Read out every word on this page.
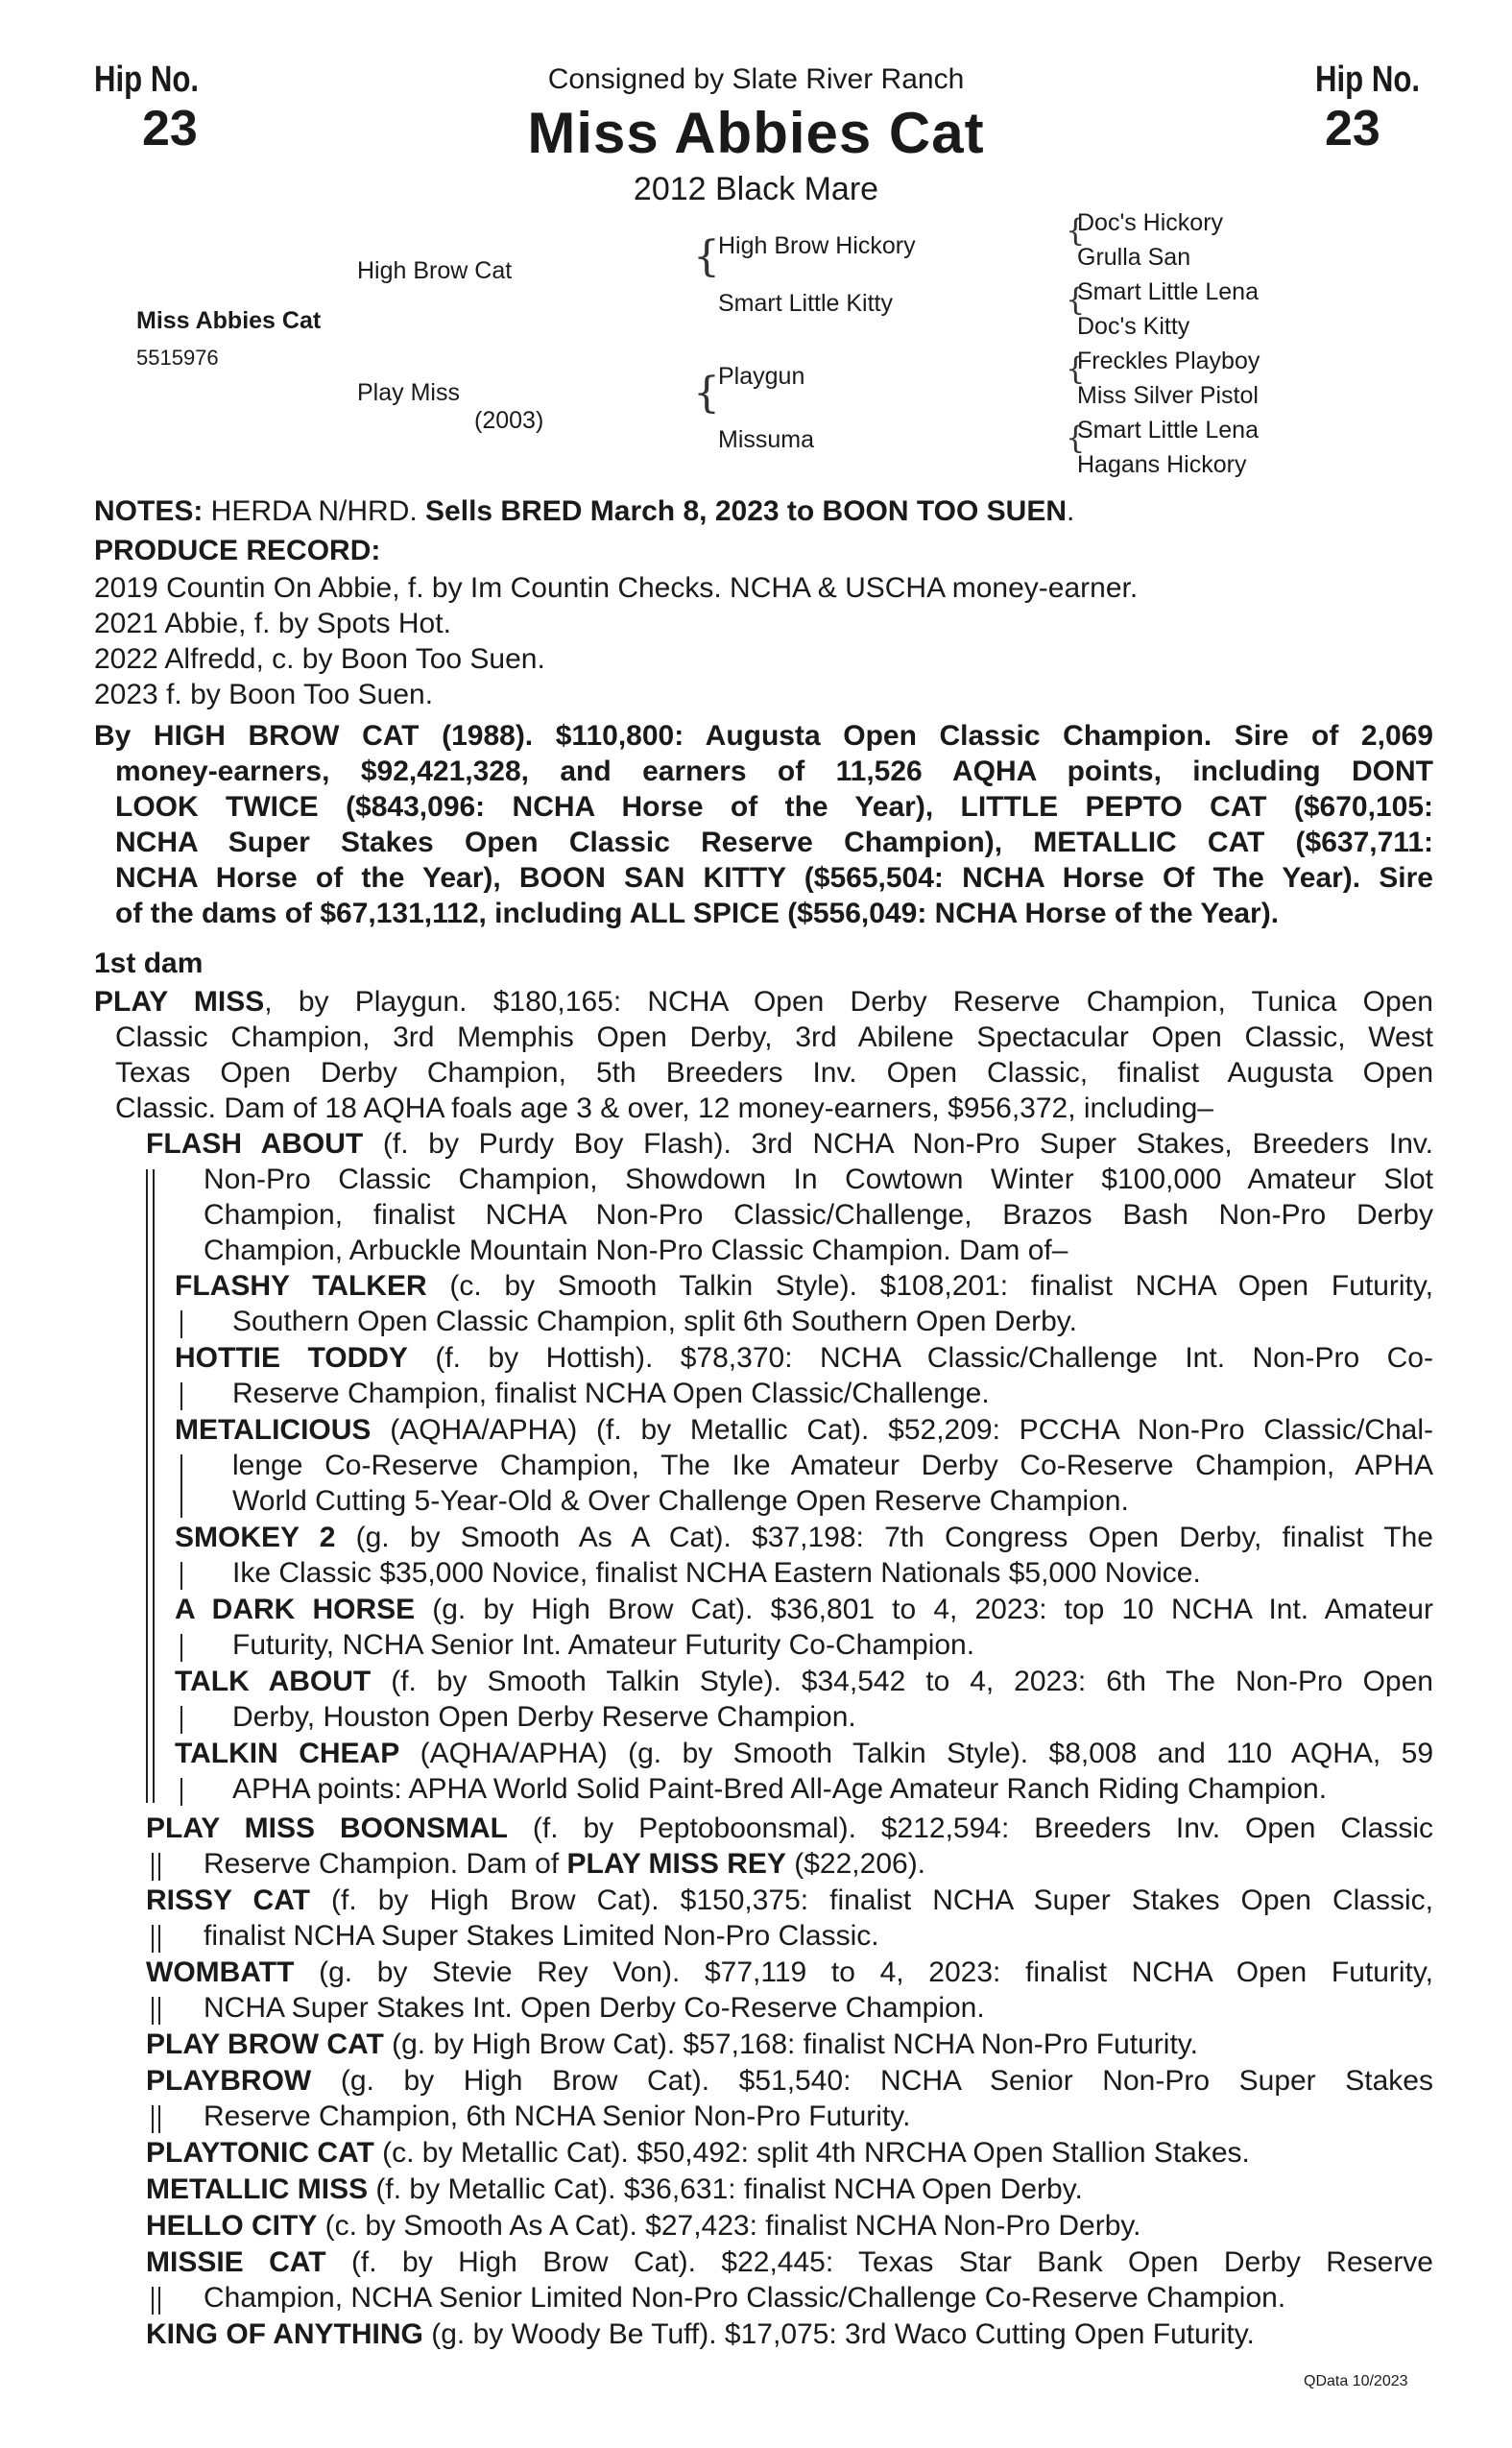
Hip No.
23
Hip No.
23
Consigned by Slate River Ranch
Miss Abbies Cat
2012 Black Mare
Miss Abbies Cat
5515976
High Brow Cat
Play Miss
(2003)
{
High Brow Hickory
Smart Little Kitty
{
Playgun
Missuma
{
{
{
{
Doc's Hickory
Grulla San
Smart Little Lena
Doc's Kitty
Freckles Playboy
Miss Silver Pistol
Smart Little Lena
Hagans Hickory
NOTES: HERDA N/HRD. Sells BRED March 8, 2023 to BOON TOO SUEN.
PRODUCE RECORD:
2019 Countin On Abbie, f. by Im Countin Checks. NCHA & USCHA money-earner.
2021 Abbie, f. by Spots Hot.
2022 Alfredd, c. by Boon Too Suen.
2023 f. by Boon Too Suen.
By HIGH BROW CAT (1988). $110,800: Augusta Open Classic Champion. Sire of 2,069
money-earners, $92,421,328, and earners of 11,526 AQHA points, including DONT
LOOK TWICE ($843,096: NCHA Horse of the Year), LITTLE PEPTO CAT ($670,105:
NCHA Super Stakes Open Classic Reserve Champion), METALLIC CAT ($637,711:
NCHA Horse of the Year), BOON SAN KITTY ($565,504: NCHA Horse Of The Year). Sire
of the dams of $67,131,112, including ALL SPICE ($556,049: NCHA Horse of the Year).
1st dam
PLAY MISS, by Playgun. $180,165: NCHA Open Derby Reserve Champion, Tunica Open
Classic Champion, 3rd Memphis Open Derby, 3rd Abilene Spectacular Open Classic, West
Texas Open Derby Champion, 5th Breeders Inv. Open Classic, finalist Augusta Open
Classic. Dam of 18 AQHA foals age 3 & over, 12 money-earners, $956,372, including–
FLASH ABOUT (f. by Purdy Boy Flash). 3rd NCHA Non-Pro Super Stakes, Breeders Inv.
Non-Pro Classic Champion, Showdown In Cowtown Winter $100,000 Amateur Slot
Champion, finalist NCHA Non-Pro Classic/Challenge, Brazos Bash Non-Pro Derby
Champion, Arbuckle Mountain Non-Pro Classic Champion. Dam of–
FLASHY TALKER (c. by Smooth Talkin Style). $108,201: finalist NCHA Open Futurity,
Southern Open Classic Champion, split 6th Southern Open Derby.
HOTTIE TODDY (f. by Hottish). $78,370: NCHA Classic/Challenge Int. Non-Pro Co-
Reserve Champion, finalist NCHA Open Classic/Challenge.
METALICIOUS (AQHA/APHA) (f. by Metallic Cat). $52,209: PCCHA Non-Pro Classic/Chal-
lenge Co-Reserve Champion, The Ike Amateur Derby Co-Reserve Champion, APHA
World Cutting 5-Year-Old & Over Challenge Open Reserve Champion.
SMOKEY 2 (g. by Smooth As A Cat). $37,198: 7th Congress Open Derby, finalist The
Ike Classic $35,000 Novice, finalist NCHA Eastern Nationals $5,000 Novice.
A DARK HORSE (g. by High Brow Cat). $36,801 to 4, 2023: top 10 NCHA Int. Amateur
Futurity, NCHA Senior Int. Amateur Futurity Co-Champion.
TALK ABOUT (f. by Smooth Talkin Style). $34,542 to 4, 2023: 6th The Non-Pro Open
Derby, Houston Open Derby Reserve Champion.
TALKIN CHEAP (AQHA/APHA) (g. by Smooth Talkin Style). $8,008 and 110 AQHA, 59
APHA points: APHA World Solid Paint-Bred All-Age Amateur Ranch Riding Champion.
PLAY MISS BOONSMAL (f. by Peptoboonsmal). $212,594: Breeders Inv. Open Classic
Reserve Champion. Dam of PLAY MISS REY ($22,206).
RISSY CAT (f. by High Brow Cat). $150,375: finalist NCHA Super Stakes Open Classic,
finalist NCHA Super Stakes Limited Non-Pro Classic.
WOMBATT (g. by Stevie Rey Von). $77,119 to 4, 2023: finalist NCHA Open Futurity,
NCHA Super Stakes Int. Open Derby Co-Reserve Champion.
PLAY BROW CAT (g. by High Brow Cat). $57,168: finalist NCHA Non-Pro Futurity.
PLAYBROW (g. by High Brow Cat). $51,540: NCHA Senior Non-Pro Super Stakes
Reserve Champion, 6th NCHA Senior Non-Pro Futurity.
PLAYTONIC CAT (c. by Metallic Cat). $50,492: split 4th NRCHA Open Stallion Stakes.
METALLIC MISS (f. by Metallic Cat). $36,631: finalist NCHA Open Derby.
HELLO CITY (c. by Smooth As A Cat). $27,423: finalist NCHA Non-Pro Derby.
MISSIE CAT (f. by High Brow Cat). $22,445: Texas Star Bank Open Derby Reserve
Champion, NCHA Senior Limited Non-Pro Classic/Challenge Co-Reserve Champion.
KING OF ANYTHING (g. by Woody Be Tuff). $17,075: 3rd Waco Cutting Open Futurity.
QData 10/2023
